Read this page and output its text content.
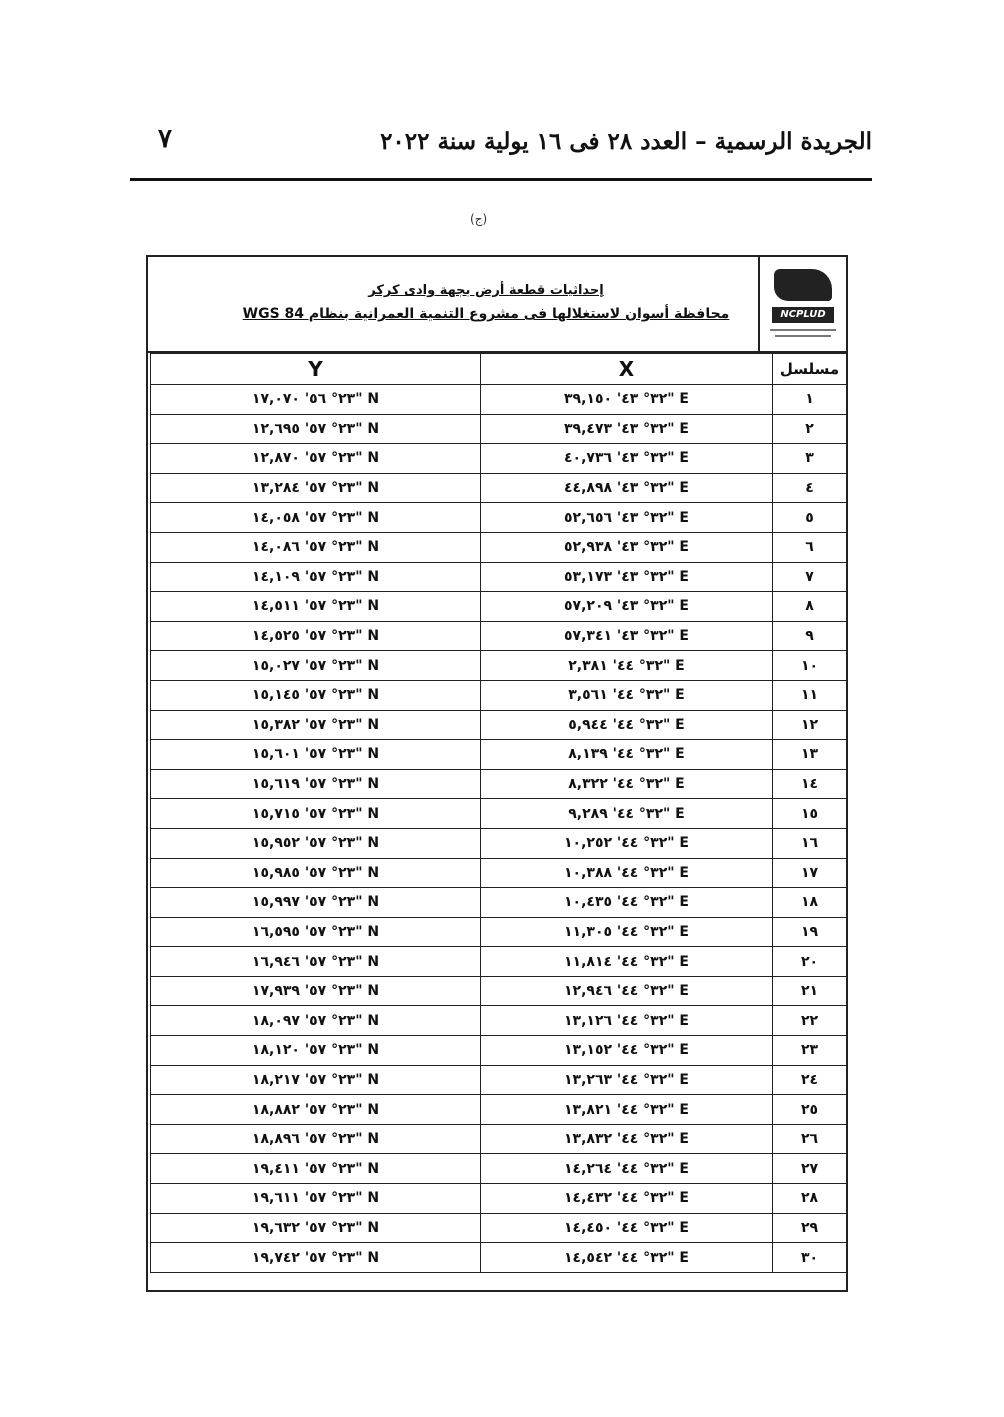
الجريدة الرسمية – العدد ٢٨ فى ١٦ يولية سنة ٢٠٢٢
٧
(ج)
إحداثيات قطعة أرض بجهة وادى كركر
محافظة أسوان لاستغلالها فى مشروع التنمية العمرانية بنظام WGS 84	NCPLUD
Y	X	مسلسل
٢٣° ٥٦' ١٧,٠٧٠" N	٣٢° ٤٣' ٣٩,١٥٠" E	١
٢٣° ٥٧' ١٢,٦٩٥" N	٣٢° ٤٣' ٣٩,٤٧٣" E	٢
٢٣° ٥٧' ١٢,٨٧٠" N	٣٢° ٤٣' ٤٠,٧٣٦" E	٣
٢٣° ٥٧' ١٣,٢٨٤" N	٣٢° ٤٣' ٤٤,٨٩٨" E	٤
٢٣° ٥٧' ١٤,٠٥٨" N	٣٢° ٤٣' ٥٢,٦٥٦" E	٥
٢٣° ٥٧' ١٤,٠٨٦" N	٣٢° ٤٣' ٥٢,٩٣٨" E	٦
٢٣° ٥٧' ١٤,١٠٩" N	٣٢° ٤٣' ٥٣,١٧٣" E	٧
٢٣° ٥٧' ١٤,٥١١" N	٣٢° ٤٣' ٥٧,٢٠٩" E	٨
٢٣° ٥٧' ١٤,٥٢٥" N	٣٢° ٤٣' ٥٧,٣٤١" E	٩
٢٣° ٥٧' ١٥,٠٢٧" N	٣٢° ٤٤' ٢,٣٨١" E	١٠
٢٣° ٥٧' ١٥,١٤٥" N	٣٢° ٤٤' ٣,٥٦١" E	١١
٢٣° ٥٧' ١٥,٣٨٢" N	٣٢° ٤٤' ٥,٩٤٤" E	١٢
٢٣° ٥٧' ١٥,٦٠١" N	٣٢° ٤٤' ٨,١٣٩" E	١٣
٢٣° ٥٧' ١٥,٦١٩" N	٣٢° ٤٤' ٨,٣٢٢" E	١٤
٢٣° ٥٧' ١٥,٧١٥" N	٣٢° ٤٤' ٩,٢٨٩" E	١٥
٢٣° ٥٧' ١٥,٩٥٢" N	٣٢° ٤٤' ١٠,٢٥٢" E	١٦
٢٣° ٥٧' ١٥,٩٨٥" N	٣٢° ٤٤' ١٠,٣٨٨" E	١٧
٢٣° ٥٧' ١٥,٩٩٧" N	٣٢° ٤٤' ١٠,٤٣٥" E	١٨
٢٣° ٥٧' ١٦,٥٩٥" N	٣٢° ٤٤' ١١,٣٠٥" E	١٩
٢٣° ٥٧' ١٦,٩٤٦" N	٣٢° ٤٤' ١١,٨١٤" E	٢٠
٢٣° ٥٧' ١٧,٩٣٩" N	٣٢° ٤٤' ١٢,٩٤٦" E	٢١
٢٣° ٥٧' ١٨,٠٩٧" N	٣٢° ٤٤' ١٣,١٢٦" E	٢٢
٢٣° ٥٧' ١٨,١٢٠" N	٣٢° ٤٤' ١٣,١٥٢" E	٢٣
٢٣° ٥٧' ١٨,٢١٧" N	٣٢° ٤٤' ١٣,٢٦٣" E	٢٤
٢٣° ٥٧' ١٨,٨٨٢" N	٣٢° ٤٤' ١٣,٨٢١" E	٢٥
٢٣° ٥٧' ١٨,٨٩٦" N	٣٢° ٤٤' ١٣,٨٣٢" E	٢٦
٢٣° ٥٧' ١٩,٤١١" N	٣٢° ٤٤' ١٤,٢٦٤" E	٢٧
٢٣° ٥٧' ١٩,٦١١" N	٣٢° ٤٤' ١٤,٤٣٢" E	٢٨
٢٣° ٥٧' ١٩,٦٣٢" N	٣٢° ٤٤' ١٤,٤٥٠" E	٢٩
٢٣° ٥٧' ١٩,٧٤٢" N	٣٢° ٤٤' ١٤,٥٤٢" E	٣٠
